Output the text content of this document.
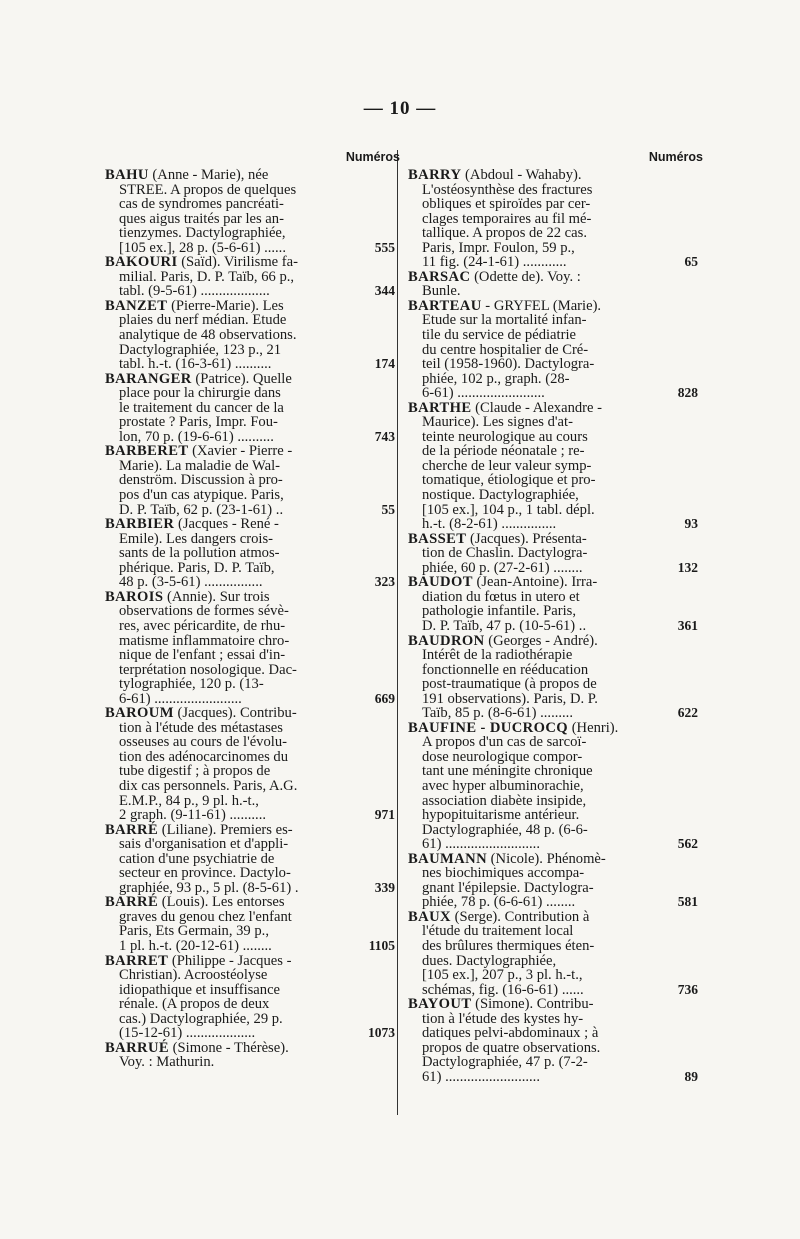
— 10 —
Numéros
BAHU (Anne - Marie), née
STREE. A propos de quelques
cas de syndromes pancréati-
ques aigus traités par les an-
tienzymes. Dactylographiée,
[105 ex.], 28 p. (5-6-61) ......	555
BAKOURI (Saïd). Virilisme fa-
milial. Paris, D. P. Taïb, 66 p.,
tabl. (9-5-61) ...................	344
BANZET (Pierre-Marie). Les
plaies du nerf médian. Etude
analytique de 48 observations.
Dactylographiée, 123 p., 21
tabl. h.-t. (16-3-61) ..........	174
BARANGER (Patrice). Quelle
place pour la chirurgie dans
le traitement du cancer de la
prostate ? Paris, Impr. Fou-
lon, 70 p. (19-6-61) ..........	743
BARBERET (Xavier - Pierre -
Marie). La maladie de Wal-
denström. Discussion à pro-
pos d'un cas atypique. Paris,
D. P. Taïb, 62 p. (23-1-61) ..	55
BARBIER (Jacques - René -
Emile). Les dangers crois-
sants de la pollution atmos-
phérique. Paris, D. P. Taïb,
48 p. (3-5-61) ................	323
BAROIS (Annie). Sur trois
observations de formes sévè-
res, avec péricardite, de rhu-
matisme inflammatoire chro-
nique de l'enfant ; essai d'in-
terprétation nosologique. Dac-
tylographiée, 120 p. (13-
6-61) ........................	669
BAROUM (Jacques). Contribu-
tion à l'étude des métastases
osseuses au cours de l'évolu-
tion des adénocarcinomes du
tube digestif ; à propos de
dix cas personnels. Paris, A.G.
E.M.P., 84 p., 9 pl. h.-t.,
2 graph. (9-11-61) ..........	971
BARRÉ (Liliane). Premiers es-
sais d'organisation et d'appli-
cation d'une psychiatrie de
secteur en province. Dactylo-
graphiée, 93 p., 5 pl. (8-5-61) .	339
BARRÉ (Louis). Les entorses
graves du genou chez l'enfant
Paris, Ets Germain, 39 p.,
1 pl. h.-t. (20-12-61) ........	1105
BARRET (Philippe - Jacques -
Christian). Acroostéolyse
idiopathique et insuffisance
rénale. (A propos de deux
cas.) Dactylographiée, 29 p.
(15-12-61) ...................	1073
BARRUÉ (Simone - Thérèse).
Voy. : Mathurin.
Numéros
BARRY (Abdoul - Wahaby).
L'ostéosynthèse des fractures
obliques et spiroïdes par cer-
clages temporaires au fil mé-
tallique. A propos de 22 cas.
Paris, Impr. Foulon, 59 p.,
11 fig. (24-1-61) ............	65
BARSAC (Odette de). Voy. :
Bunle.
BARTEAU - GRYFEL (Marie).
Etude sur la mortalité infan-
tile du service de pédiatrie
du centre hospitalier de Cré-
teil (1958-1960). Dactylogra-
phiée, 102 p., graph. (28-
6-61) ........................	828
BARTHE (Claude - Alexandre -
Maurice). Les signes d'at-
teinte neurologique au cours
de la période néonatale ; re-
cherche de leur valeur symp-
tomatique, étiologique et pro-
nostique. Dactylographiée,
[105 ex.], 104 p., 1 tabl. dépl.
h.-t. (8-2-61) ...............	93
BASSET (Jacques). Présenta-
tion de Chaslin. Dactylogra-
phiée, 60 p. (27-2-61) ........	132
BAUDOT (Jean-Antoine). Irra-
diation du fœtus in utero et
pathologie infantile. Paris,
D. P. Taïb, 47 p. (10-5-61) ..	361
BAUDRON (Georges - André).
Intérêt de la radiothérapie
fonctionnelle en rééducation
post-traumatique (à propos de
191 observations). Paris, D. P.
Taïb, 85 p. (8-6-61) .........	622
BAUFINE - DUCROCQ (Henri).
A propos d'un cas de sarcoï-
dose neurologique compor-
tant une méningite chronique
avec hyper albuminorachie,
association diabète insipide,
hypopituitarisme antérieur.
Dactylographiée, 48 p. (6-6-
61) ..........................	562
BAUMANN (Nicole). Phénomè-
nes biochimiques accompa-
gnant l'épilepsie. Dactylogra-
phiée, 78 p. (6-6-61) ........	581
BAUX (Serge). Contribution à
l'étude du traitement local
des brûlures thermiques éten-
dues. Dactylographiée,
[105 ex.], 207 p., 3 pl. h.-t.,
schémas, fig. (16-6-61) ......	736
BAYOUT (Simone). Contribu-
tion à l'étude des kystes hy-
datiques pelvi-abdominaux ; à
propos de quatre observations.
Dactylographiée, 47 p. (7-2-
61) ..........................	89
